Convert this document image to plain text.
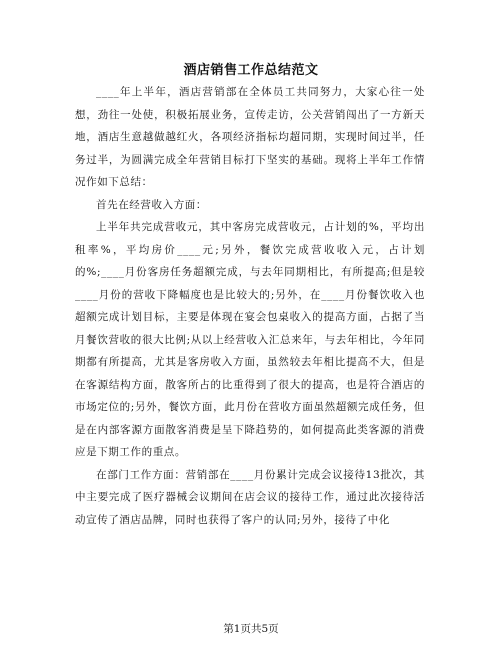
酒店销售工作总结范文

____年上半年，酒店营销部在全体员工共同努力，大家心往一处想，劲往一处使，积极拓展业务，宣传走访，公关营销闯出了一方新天地，酒店生意越做越红火，各项经济指标均超同期，实现时间过半，任务过半，为圆满完成全年营销目标打下坚实的基础。现将上半年工作情况作如下总结：

首先在经营收入方面：

上半年共完成营收元，其中客房完成营收元，占计划的%，平均出租率%，平均房价____元;另外，餐饮完成营收收入元，占计划的%;____月份客房任务超额完成，与去年同期相比，有所提高;但是较____月份的营收下降幅度也是比较大的;另外，在____月份餐饮收入也超额完成计划目标，主要是体现在宴会包桌收入的提高方面，占据了当月餐饮营收的很大比例;从以上经营收入汇总来年，与去年相比，今年同期都有所提高，尤其是客房收入方面，虽然较去年相比提高不大，但是在客源结构方面，散客所占的比重得到了很大的提高，也是符合酒店的市场定位的;另外，餐饮方面，此月份在营收方面虽然超额完成任务，但是在内部客源方面散客消费是呈下降趋势的，如何提高此类客源的消费应是下期工作的重点。

在部门工作方面：营销部在____月份累计完成会议接待13批次，其中主要完成了医疗器械会议期间在店会议的接待工作，通过此次接待活动宣传了酒店品牌，同时也获得了客户的认同;另外，接待了中化

第1页共5页
